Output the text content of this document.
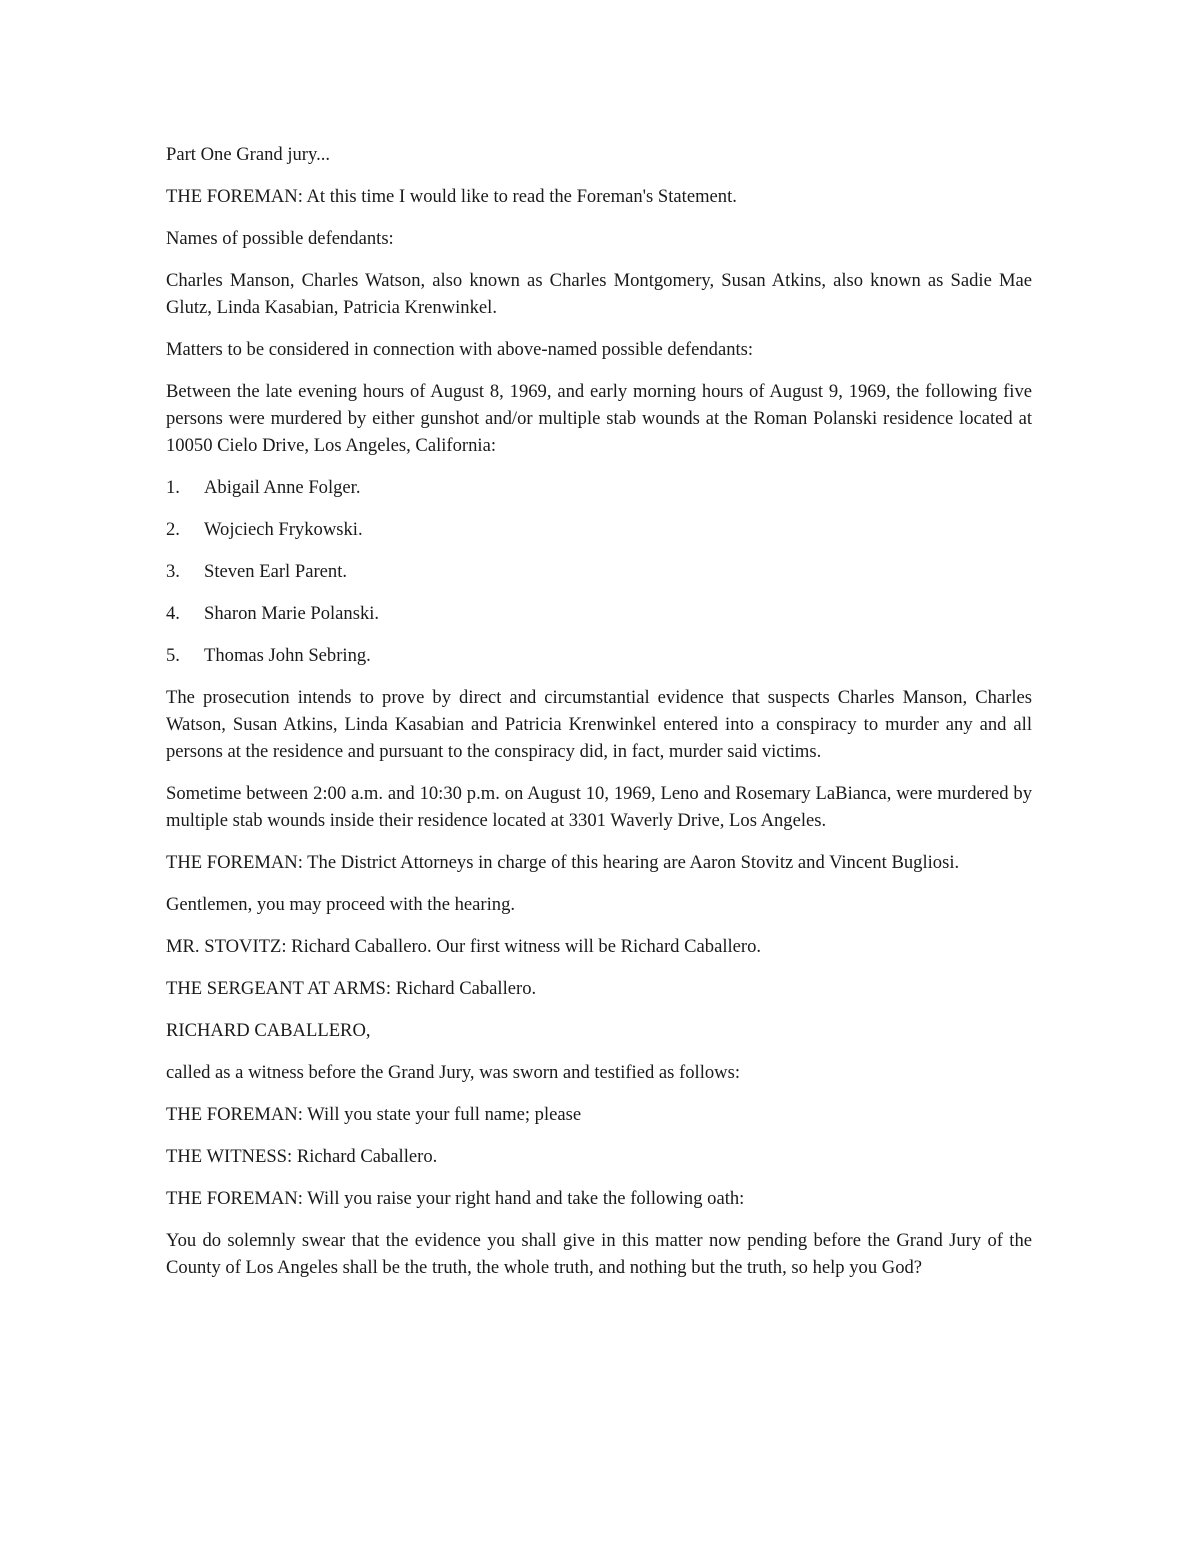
Part One Grand jury...

THE FOREMAN: At this time I would like to read the Foreman's Statement.

Names of possible defendants:

Charles Manson, Charles Watson, also known as Charles Montgomery, Susan Atkins, also known as Sadie Mae Glutz, Linda Kasabian, Patricia Krenwinkel.

Matters to be considered in connection with above-named possible defendants:

Between the late evening hours of August 8, 1969, and early morning hours of August 9, 1969, the following five persons were murdered by either gunshot and/or multiple stab wounds at the Roman Polanski residence located at 10050 Cielo Drive, Los Angeles, California:

1.	Abigail Anne Folger.
2.	Wojciech Frykowski.
3.	Steven Earl Parent.
4.	Sharon Marie Polanski.
5.	Thomas John Sebring.

The prosecution intends to prove by direct and circumstantial evidence that suspects Charles Manson, Charles Watson, Susan Atkins, Linda Kasabian and Patricia Krenwinkel entered into a conspiracy to murder any and all persons at the residence and pursuant to the conspiracy did, in fact, murder said victims.

Sometime between 2:00 a.m. and 10:30 p.m. on August 10, 1969, Leno and Rosemary LaBianca, were murdered by multiple stab wounds inside their residence located at 3301 Waverly Drive, Los Angeles.

THE FOREMAN: The District Attorneys in charge of this hearing are Aaron Stovitz and Vincent Bugliosi.

Gentlemen, you may proceed with the hearing.

MR. STOVITZ: Richard Caballero. Our first witness will be Richard Caballero.

THE SERGEANT AT ARMS: Richard Caballero.

RICHARD CABALLERO,

called as a witness before the Grand Jury, was sworn and testified as follows:

THE FOREMAN: Will you state your full name; please

THE WITNESS: Richard Caballero.

THE FOREMAN: Will you raise your right hand and take the following oath:

You do solemnly swear that the evidence you shall give in this matter now pending before the Grand Jury of the County of Los Angeles shall be the truth, the whole truth, and nothing but the truth, so help you God?
